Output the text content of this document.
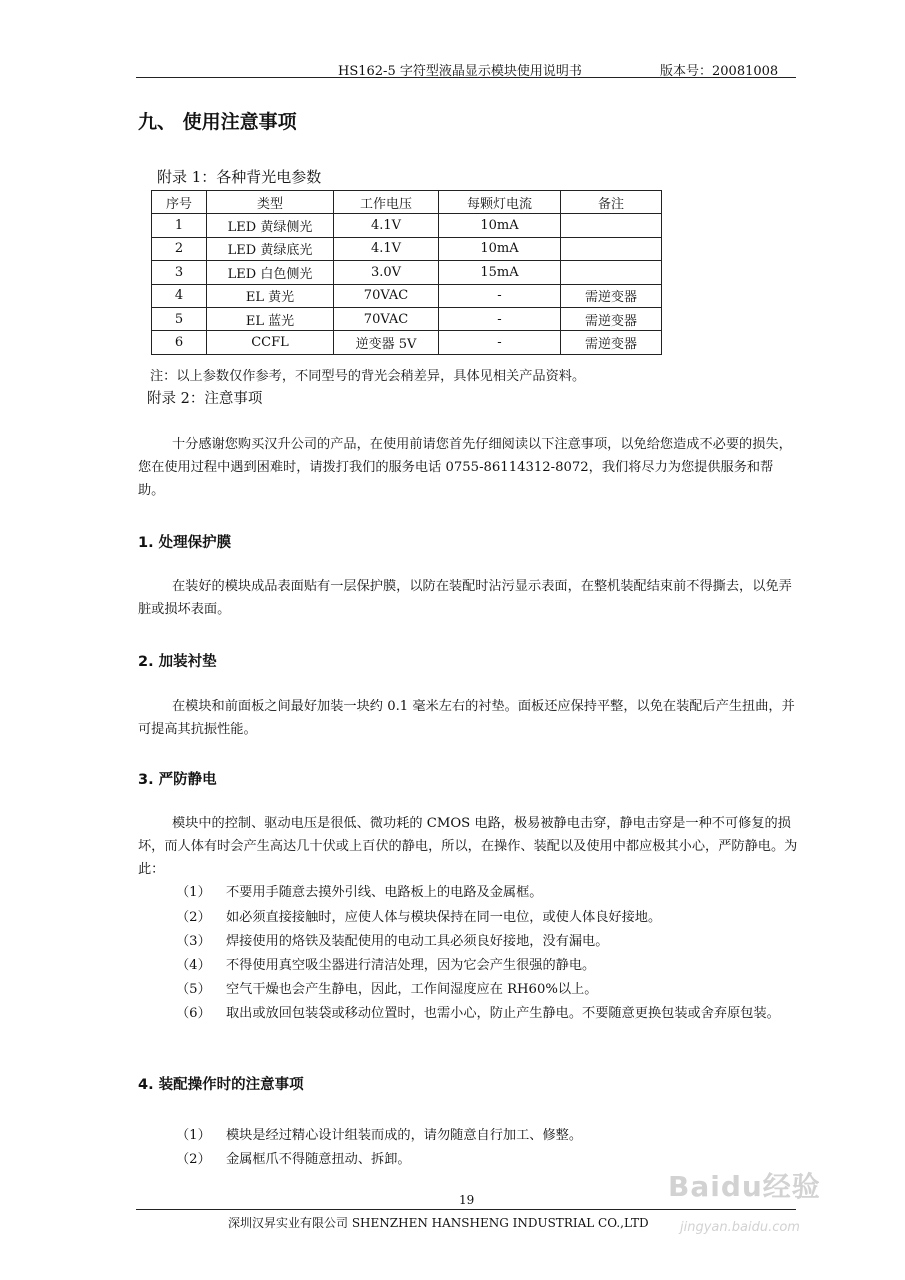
HS162-5 字符型液晶显示模块使用说明书	版本号：20081008
九、 使用注意事项
附录 1：各种背光电参数
序号	类型	工作电压	每颗灯电流	备注
1	LED 黄绿侧光	4.1V	10mA	
2	LED 黄绿底光	4.1V	10mA	
3	LED 白色侧光	3.0V	15mA	
4	EL 黄光	70VAC	-	需逆变器
5	EL 蓝光	70VAC	-	需逆变器
6	CCFL	逆变器 5V	-	需逆变器
注：以上参数仅作参考，不同型号的背光会稍差异，具体见相关产品资料。
附录 2：注意事项
十分感谢您购买汉升公司的产品，在使用前请您首先仔细阅读以下注意事项，以免给您造成不必要的损失，您在使用过程中遇到困难时，请拨打我们的服务电话 0755-86114312-8072，我们将尽力为您提供服务和帮助。
1. 处理保护膜
在装好的模块成品表面贴有一层保护膜，以防在装配时沾污显示表面，在整机装配结束前不得撕去，以免弄脏或损坏表面。
2. 加装衬垫
在模块和前面板之间最好加装一块约 0.1 毫米左右的衬垫。面板还应保持平整，以免在装配后产生扭曲，并可提高其抗振性能。
3. 严防静电
模块中的控制、驱动电压是很低、微功耗的 CMOS 电路，极易被静电击穿，静电击穿是一种不可修复的损坏，而人体有时会产生高达几十伏或上百伏的静电，所以，在操作、装配以及使用中都应极其小心，严防静电。为此：
（1） 不要用手随意去摸外引线、电路板上的电路及金属框。
（2） 如必须直接接触时，应使人体与模块保持在同一电位，或使人体良好接地。
（3） 焊接使用的烙铁及装配使用的电动工具必须良好接地，没有漏电。
（4） 不得使用真空吸尘器进行清洁处理，因为它会产生很强的静电。
（5） 空气干燥也会产生静电，因此，工作间湿度应在 RH60%以上。
（6） 取出或放回包装袋或移动位置时，也需小心，防止产生静电。不要随意更换包装或舍弃原包装。
4. 装配操作时的注意事项
（1） 模块是经过精心设计组装而成的，请勿随意自行加工、修整。
（2） 金属框爪不得随意扭动、拆卸。
19
深圳汉昇实业有限公司 SHENZHEN HANSHENG INDUSTRIAL CO.,LTD
Baidu经验
jingyan.baidu.com
